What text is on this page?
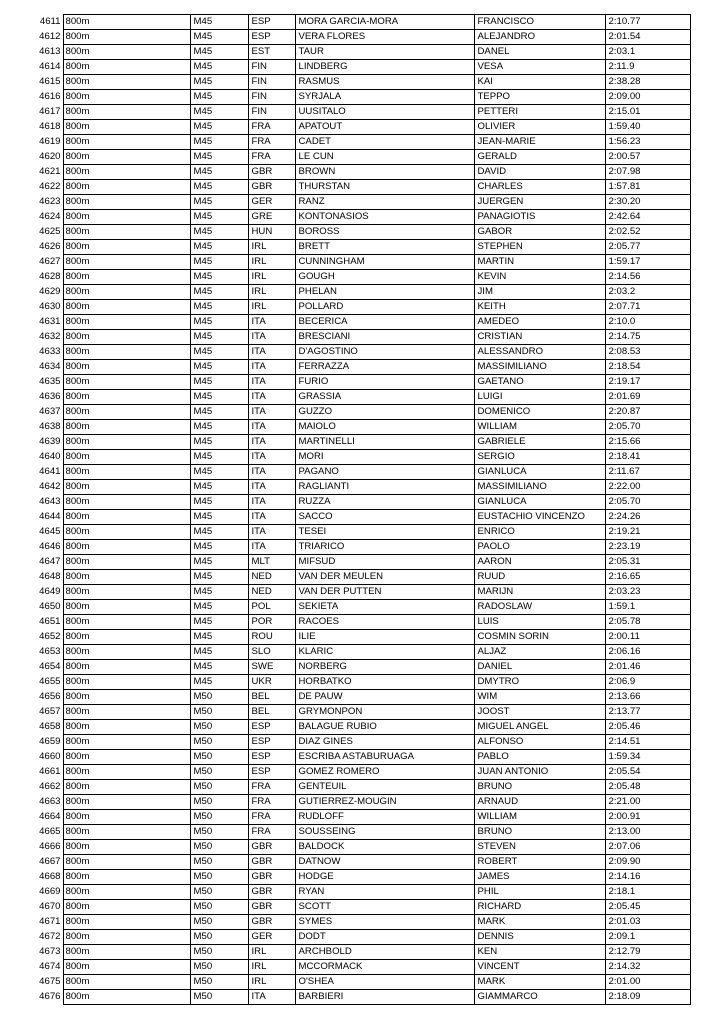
4611	800m	M45	ESP	MORA GARCIA-MORA	FRANCISCO	2:10.77
4612	800m	M45	ESP	VERA FLORES	ALEJANDRO	2:01.54
4613	800m	M45	EST	TAUR	DANEL	2:03.1
4614	800m	M45	FIN	LINDBERG	VESA	2:11.9
4615	800m	M45	FIN	RASMUS	KAI	2:38.28
4616	800m	M45	FIN	SYRJALA	TEPPO	2:09.00
4617	800m	M45	FIN	UUSITALO	PETTERI	2:15.01
4618	800m	M45	FRA	APATOUT	OLIVIER	1:59.40
4619	800m	M45	FRA	CADET	JEAN-MARIE	1:56.23
4620	800m	M45	FRA	LE CUN	GERALD	2:00.57
4621	800m	M45	GBR	BROWN	DAVID	2:07.98
4622	800m	M45	GBR	THURSTAN	CHARLES	1:57.81
4623	800m	M45	GER	RANZ	JUERGEN	2:30.20
4624	800m	M45	GRE	KONTONASIOS	PANAGIOTIS	2:42.64
4625	800m	M45	HUN	BOROSS	GABOR	2:02.52
4626	800m	M45	IRL	BRETT	STEPHEN	2:05.77
4627	800m	M45	IRL	CUNNINGHAM	MARTIN	1:59.17
4628	800m	M45	IRL	GOUGH	KEVIN	2:14.56
4629	800m	M45	IRL	PHELAN	JIM	2:03.2
4630	800m	M45	IRL	POLLARD	KEITH	2:07.71
4631	800m	M45	ITA	BECERICA	AMEDEO	2:10.0
4632	800m	M45	ITA	BRESCIANI	CRISTIAN	2:14.75
4633	800m	M45	ITA	D'AGOSTINO	ALESSANDRO	2:08.53
4634	800m	M45	ITA	FERRAZZA	MASSIMILIANO	2:18.54
4635	800m	M45	ITA	FURIO	GAETANO	2:19.17
4636	800m	M45	ITA	GRASSIA	LUIGI	2:01.69
4637	800m	M45	ITA	GUZZO	DOMENICO	2:20.87
4638	800m	M45	ITA	MAIOLO	WILLIAM	2:05.70
4639	800m	M45	ITA	MARTINELLI	GABRIELE	2:15.66
4640	800m	M45	ITA	MORI	SERGIO	2:18.41
4641	800m	M45	ITA	PAGANO	GIANLUCA	2:11.67
4642	800m	M45	ITA	RAGLIANTI	MASSIMILIANO	2:22.00
4643	800m	M45	ITA	RUZZA	GIANLUCA	2:05.70
4644	800m	M45	ITA	SACCO	EUSTACHIO VINCENZO	2:24.26
4645	800m	M45	ITA	TESEI	ENRICO	2:19.21
4646	800m	M45	ITA	TRIARICO	PAOLO	2:23.19
4647	800m	M45	MLT	MIFSUD	AARON	2:05.31
4648	800m	M45	NED	VAN DER MEULEN	RUUD	2:16.65
4649	800m	M45	NED	VAN DER PUTTEN	MARIJN	2:03.23
4650	800m	M45	POL	SEKIETA	RADOSLAW	1:59.1
4651	800m	M45	POR	RACOES	LUIS	2:05.78
4652	800m	M45	ROU	ILIE	COSMIN SORIN	2:00.11
4653	800m	M45	SLO	KLARIC	ALJAZ	2:06.16
4654	800m	M45	SWE	NORBERG	DANIEL	2:01.46
4655	800m	M45	UKR	HORBATKO	DMYTRO	2:06.9
4656	800m	M50	BEL	DE PAUW	WIM	2:13.66
4657	800m	M50	BEL	GRYMONPON	JOOST	2:13.77
4658	800m	M50	ESP	BALAGUE RUBIO	MIGUEL ANGEL	2:05.46
4659	800m	M50	ESP	DIAZ GINES	ALFONSO	2:14.51
4660	800m	M50	ESP	ESCRIBA ASTABURUAGA	PABLO	1:59.34
4661	800m	M50	ESP	GOMEZ ROMERO	JUAN ANTONIO	2:05.54
4662	800m	M50	FRA	GENTEUIL	BRUNO	2:05.48
4663	800m	M50	FRA	GUTIERREZ-MOUGIN	ARNAUD	2:21.00
4664	800m	M50	FRA	RUDLOFF	WILLIAM	2:00.91
4665	800m	M50	FRA	SOUSSEING	BRUNO	2:13.00
4666	800m	M50	GBR	BALDOCK	STEVEN	2:07.06
4667	800m	M50	GBR	DATNOW	ROBERT	2:09.90
4668	800m	M50	GBR	HODGE	JAMES	2:14.16
4669	800m	M50	GBR	RYAN	PHIL	2:18.1
4670	800m	M50	GBR	SCOTT	RICHARD	2:05.45
4671	800m	M50	GBR	SYMES	MARK	2:01.03
4672	800m	M50	GER	DODT	DENNIS	2:09.1
4673	800m	M50	IRL	ARCHBOLD	KEN	2:12.79
4674	800m	M50	IRL	MCCORMACK	VINCENT	2:14.32
4675	800m	M50	IRL	O'SHEA	MARK	2:01.00
4676	800m	M50	ITA	BARBIERI	GIAMMARCO	2:18.09
